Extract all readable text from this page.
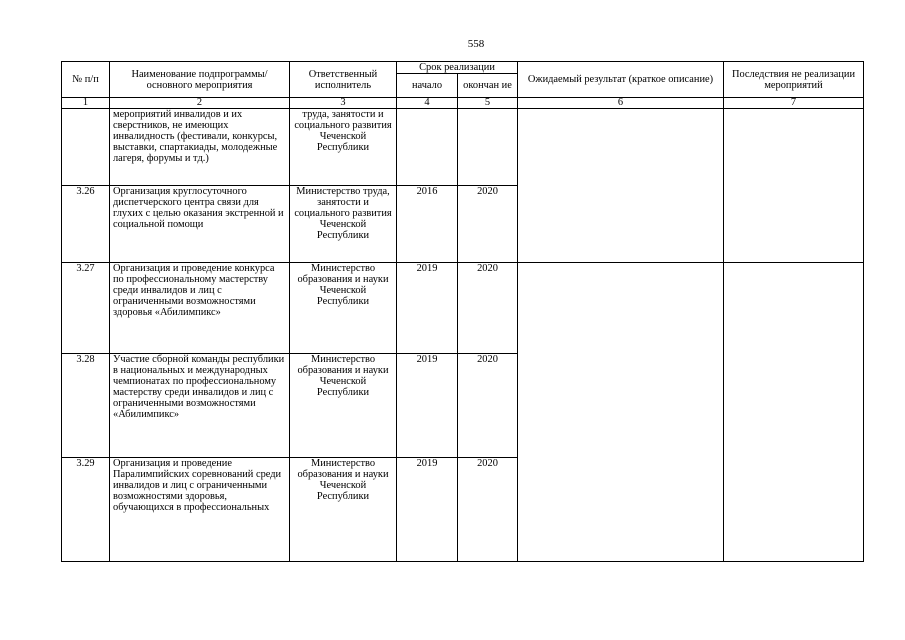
558
№ п/п	Наименование подпрограммы/ основного мероприятия	Ответственный исполнитель	Срок реализации		Ожидаемый результат (краткое описание)	Последствия не реализации мероприятий
			начало	окончан ие		
1	2	3	4	5	6	7
	мероприятий инвалидов и их сверстников, не имеющих инвалидность (фестивали, конкурсы, выставки, спартакиады, молодежные лагеря, форумы и тд.)	труда, занятости и социального развития Чеченской Республики				
3.26	Организация круглосуточного диспетчерского центра связи для глухих с целью оказания экстренной и социальной помощи	Министерство труда, занятости и социального развития Чеченской Республики	2016	2020		
3.27	Организация и проведение конкурса по профессиональному мастерству среди инвалидов и лиц с ограниченными возможностями здоровья «Абилимпикс»	Министерство образования и науки Чеченской Республики	2019	2020		
3.28	Участие сборной команды республики в национальных и международных чемпионатах по профессиональному мастерству среди инвалидов и лиц с ограниченными возможностями «Абилимпикс»	Министерство образования и науки Чеченской Республики	2019	2020		
3.29	Организация и проведение Паралимпийских соревнований среди инвалидов и лиц с ограниченными возможностями здоровья, обучающихся в профессиональных	Министерство образования и науки Чеченской Республики	2019	2020		
